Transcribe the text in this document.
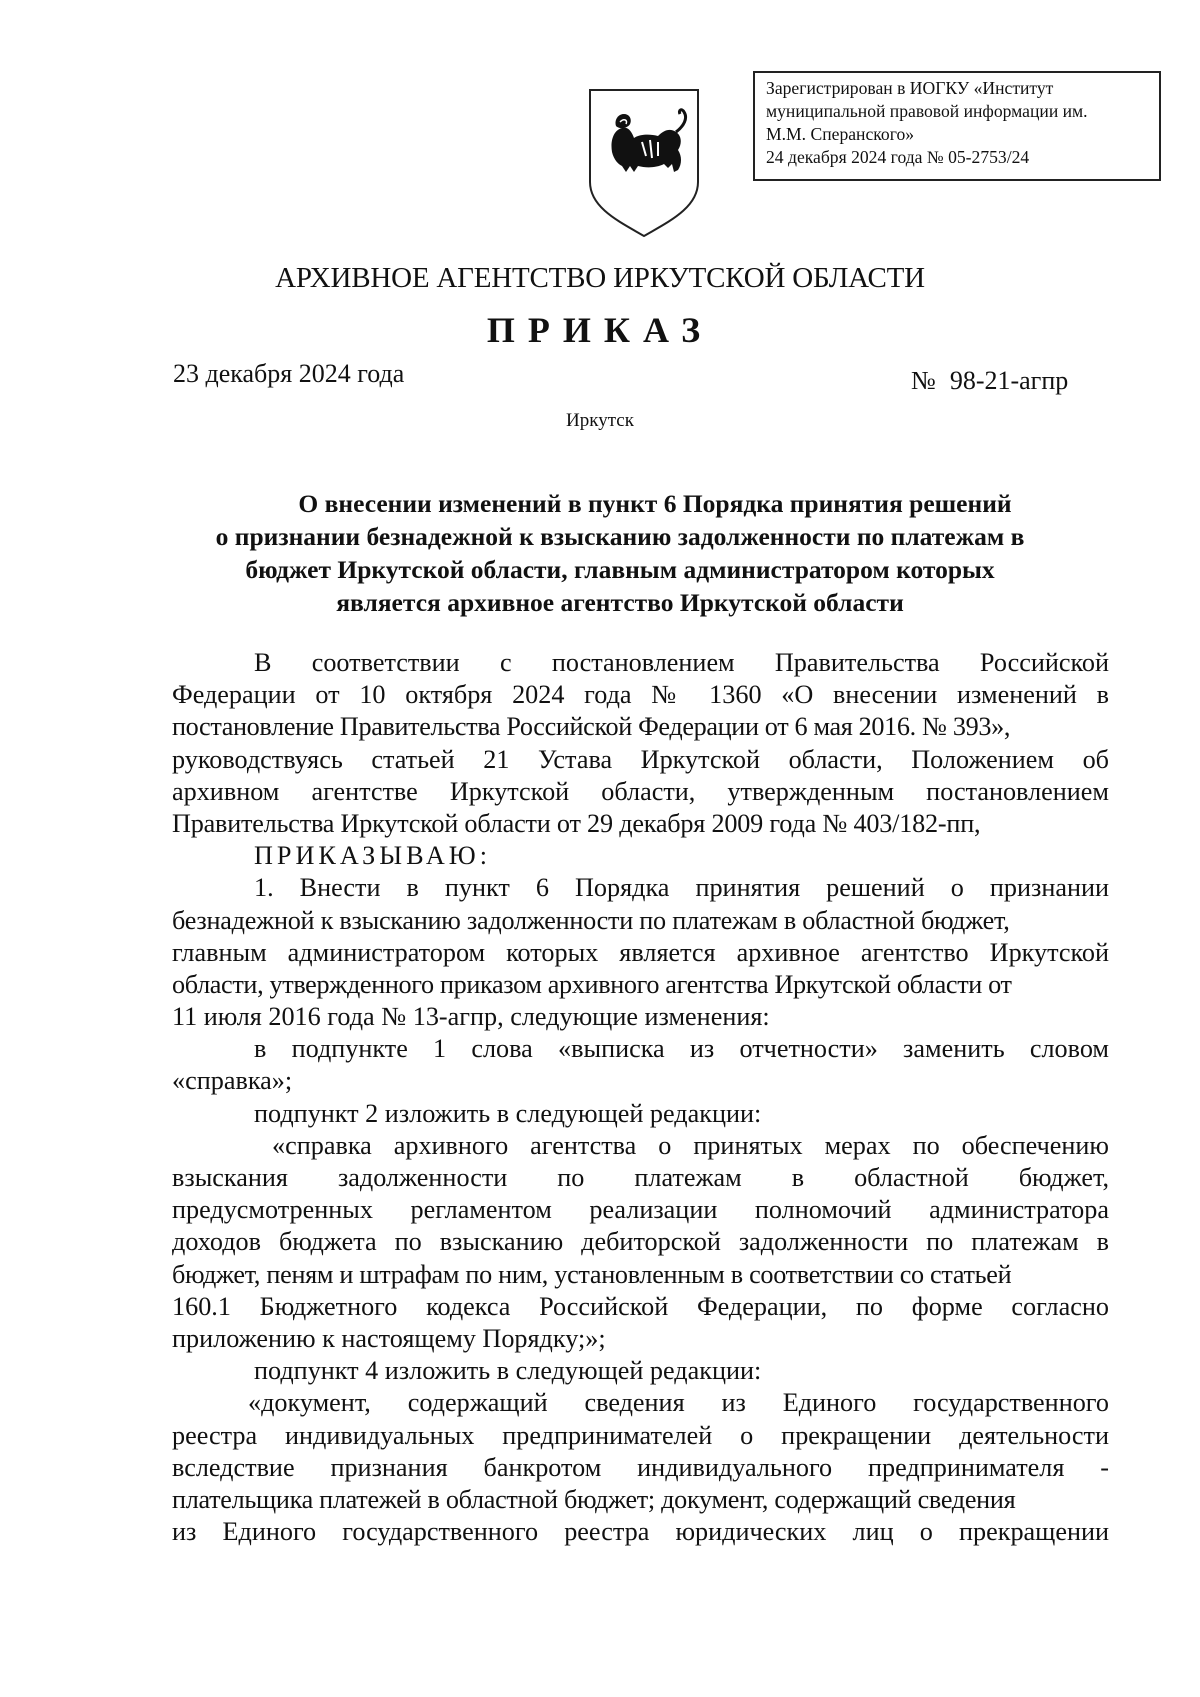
Зарегистрирован в ИОГКУ «Институт
муниципальной правовой информации им.
М.М. Сперанского»
24 декабря 2024 года № 05-2753/24
АРХИВНОЕ АГЕНТСТВО ИРКУТСКОЙ ОБЛАСТИ
ПРИКАЗ
23 декабря 2024 года	№ 98-21-агпр
Иркутск
О внесении изменений в пункт 6 Порядка принятия решений
о признании безнадежной к взысканию задолженности по платежам в
бюджет Иркутской области, главным администратором которых
является архивное агентство Иркутской области
В соответствии с постановлением Правительства Российской
Федерации от 10 октября 2024 года № 1360 «О внесении изменений в
постановление Правительства Российской Федерации от 6 мая 2016. № 393»,
руководствуясь статьей 21 Устава Иркутской области, Положением об
архивном агентстве Иркутской области, утвержденным постановлением
Правительства Иркутской области от 29 декабря 2009 года № 403/182-пп,
ПРИКАЗЫВАЮ:
1. Внести в пункт 6 Порядка принятия решений о признании
безнадежной к взысканию задолженности по платежам в областной бюджет,
главным администратором которых является архивное агентство Иркутской
области, утвержденного приказом архивного агентства Иркутской области от
11 июля 2016 года № 13-агпр, следующие изменения:
в подпункте 1 слова «выписка из отчетности» заменить словом
«справка»;
подпункт 2 изложить в следующей редакции:
«справка архивного агентства о принятых мерах по обеспечению
взыскания задолженности по платежам в областной бюджет,
предусмотренных регламентом реализации полномочий администратора
доходов бюджета по взысканию дебиторской задолженности по платежам в
бюджет, пеням и штрафам по ним, установленным в соответствии со статьей
160.1 Бюджетного кодекса Российской Федерации, по форме согласно
приложению к настоящему Порядку;»;
подпункт 4 изложить в следующей редакции:
«документ, содержащий сведения из Единого государственного
реестра индивидуальных предпринимателей о прекращении деятельности
вследствие признания банкротом индивидуального предпринимателя -
плательщика платежей в областной бюджет; документ, содержащий сведения
из Единого государственного реестра юридических лиц о прекращении
